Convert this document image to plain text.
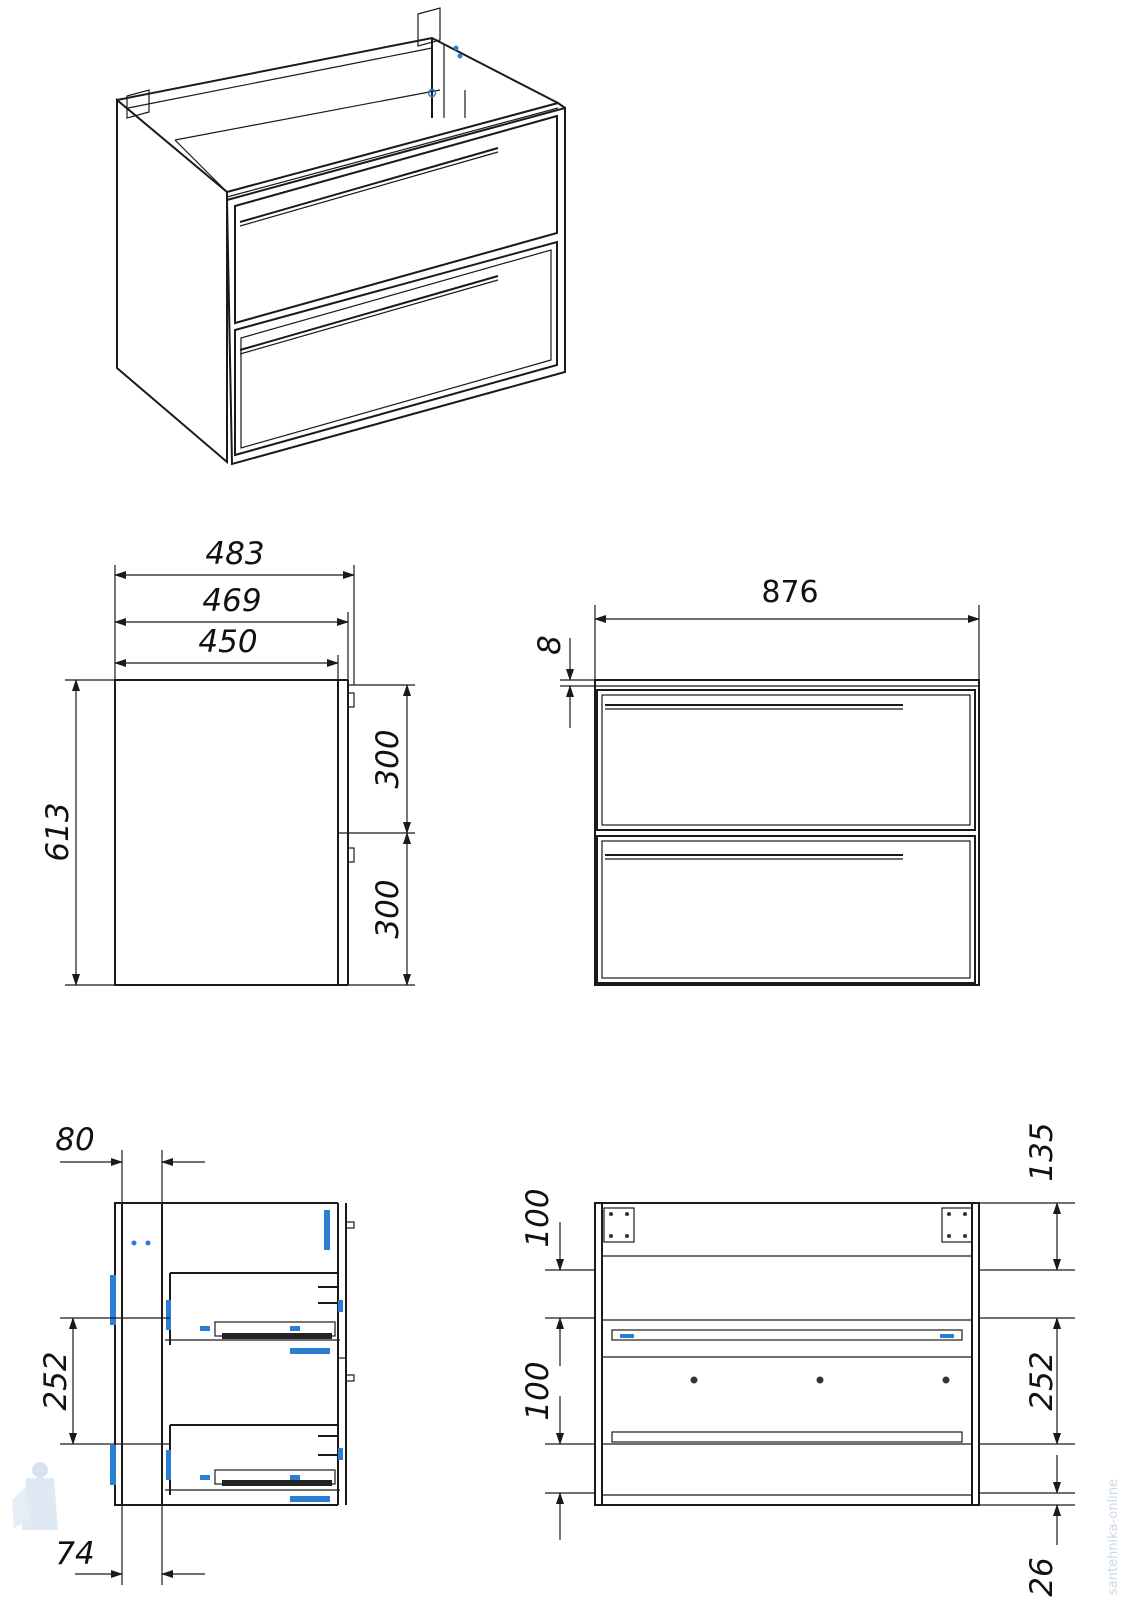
483
469
450
613
300
300
876
8
80
74
252
135
252
26
100
100
santehnika-online
